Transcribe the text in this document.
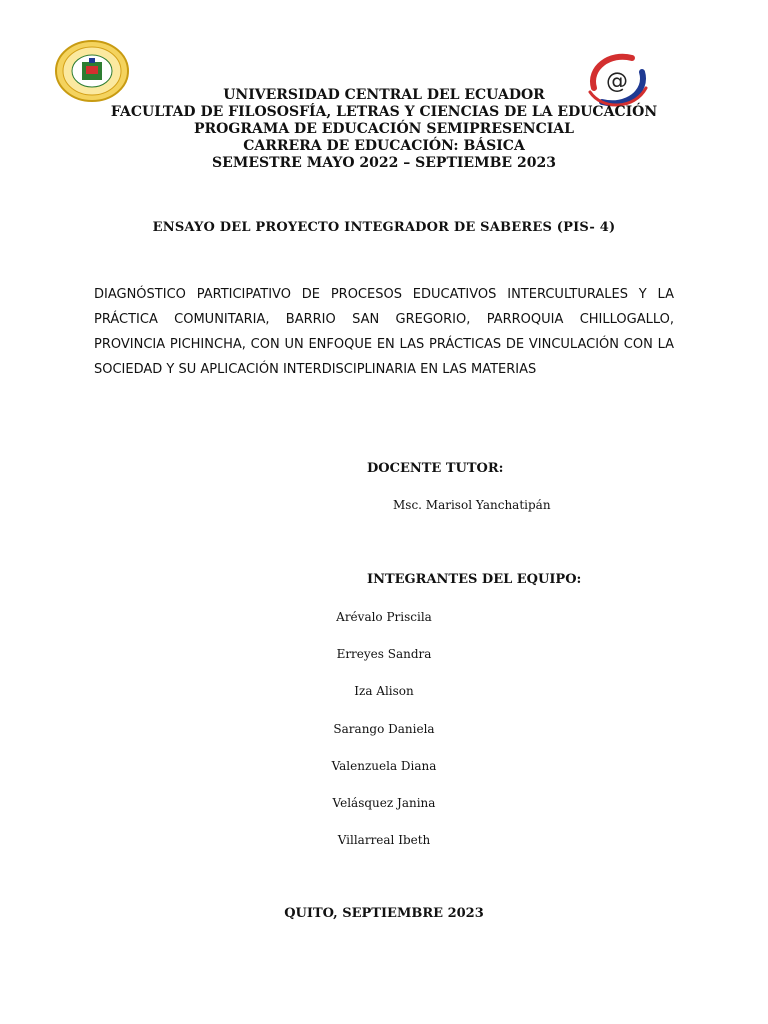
@
UNIVERSIDAD CENTRAL DEL ECUADOR
FACULTAD DE FILOSOSFÍA, LETRAS Y CIENCIAS DE LA EDUCACIÓN
PROGRAMA DE EDUCACIÓN SEMIPRESENCIAL
CARRERA DE EDUCACIÓN: BÁSICA
SEMESTRE MAYO 2022 – SEPTIEMBE 2023
ENSAYO DEL PROYECTO INTEGRADOR DE SABERES (PIS- 4)
DIAGNÓSTICO PARTICIPATIVO DE PROCESOS EDUCATIVOS INTERCULTURALES Y LA PRÁCTICA COMUNITARIA, BARRIO SAN GREGORIO, PARROQUIA CHILLOGALLO, PROVINCIA PICHINCHA, CON UN ENFOQUE EN LAS PRÁCTICAS DE VINCULACIÓN CON LA SOCIEDAD Y SU APLICACIÓN INTERDISCIPLINARIA EN LAS MATERIAS
DOCENTE TUTOR:
Msc. Marisol Yanchatipán
INTEGRANTES DEL EQUIPO:
Arévalo Priscila
Erreyes Sandra
Iza Alison
Sarango Daniela
Valenzuela Diana
Velásquez Janina
Villarreal Ibeth
QUITO, SEPTIEMBRE 2023
